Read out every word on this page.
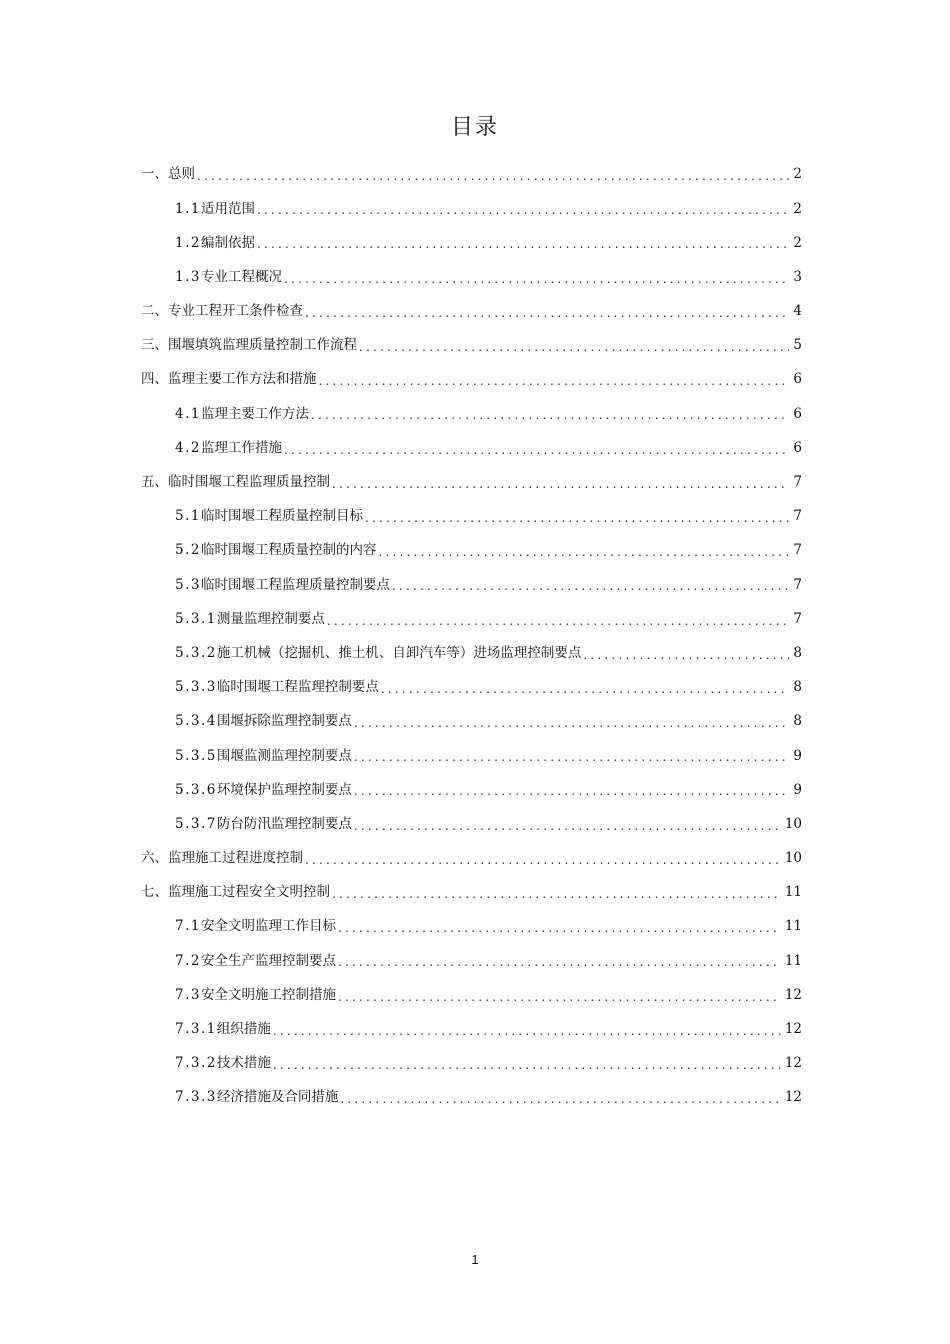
目录
一、总则 .....	2
1.1 适用范围 .....	2
1.2 编制依据 .....	2
1.3 专业工程概况 .....	3
二、专业工程开工条件检查 .....	4
三、围堰填筑监理质量控制工作流程 .....	5
四、监理主要工作方法和措施 .....	6
4.1 监理主要工作方法 .....	6
4.2 监理工作措施 .....	6
五、临时围堰工程监理质量控制 .....	7
5.1 临时围堰工程质量控制目标 .....	7
5.2 临时围堰工程质量控制的内容 .....	7
5.3 临时围堰工程监理质量控制要点 .....	7
5.3.1 测量监理控制要点 .....	7
5.3.2 施工机械（挖掘机、推土机、自卸汽车等）进场监理控制要点 .....	8
5.3.3 临时围堰工程监理控制要点 .....	8
5.3.4 围堰拆除监理控制要点 .....	8
5.3.5 围堰监测监理控制要点 .....	9
5.3.6 环境保护监理控制要点 .....	9
5.3.7 防台防汛监理控制要点 .....	10
六、监理施工过程进度控制 .....	10
七、监理施工过程安全文明控制 .....	11
7.1 安全文明监理工作目标 .....	11
7.2 安全生产监理控制要点 .....	11
7.3 安全文明施工控制措施 .....	12
7.3.1 组织措施 .....	12
7.3.2 技术措施 .....	12
7.3.3 经济措施及合同措施 .....	12
1
